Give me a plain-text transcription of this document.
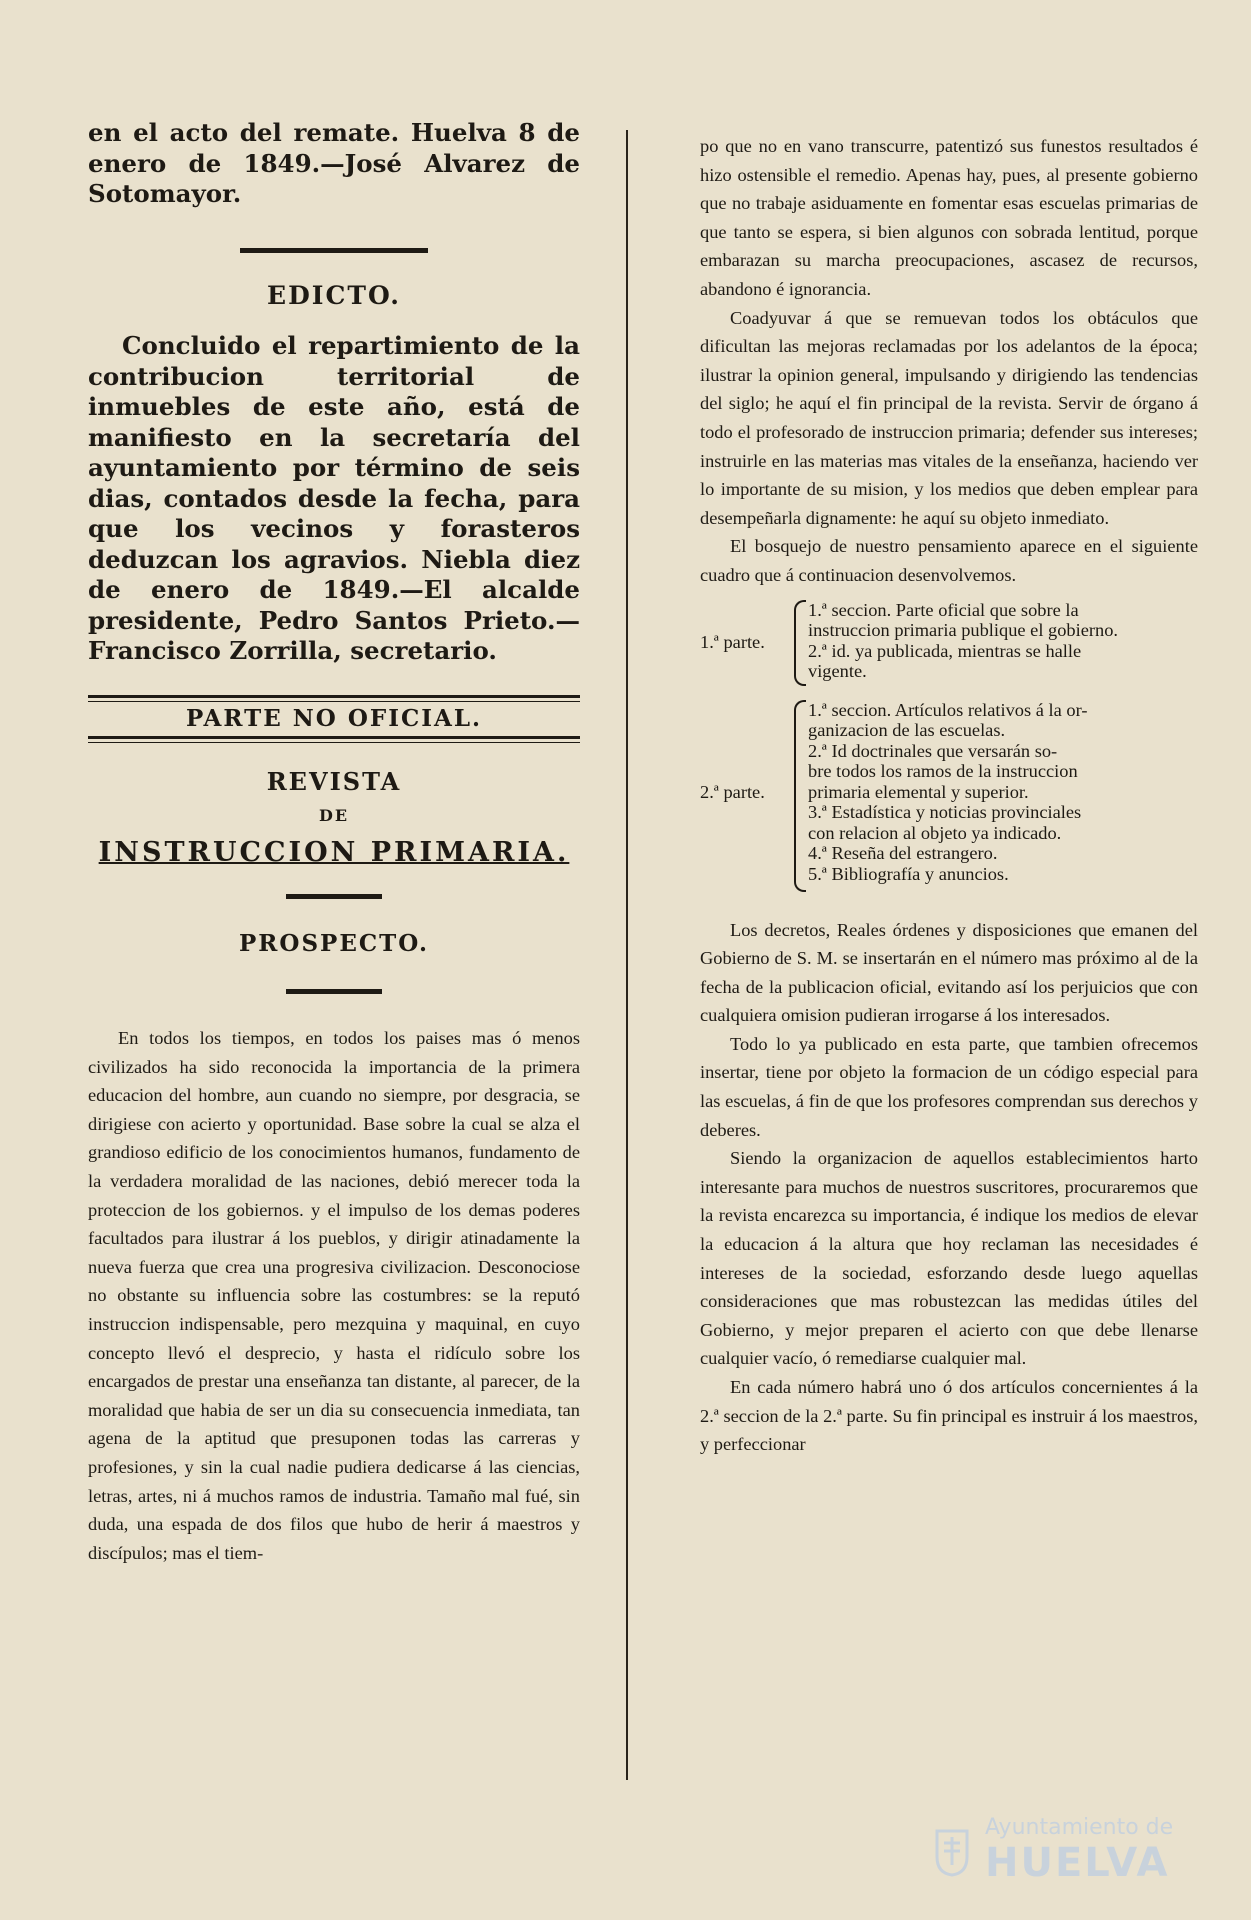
en el acto del remate. Huelva 8 de enero de 1849.—José Alvarez de Sotomayor.

EDICTO.

Concluido el repartimiento de la contribucion territorial de inmuebles de este año, está de manifiesto en la secretaría del ayuntamiento por término de seis dias, contados desde la fecha, para que los vecinos y forasteros deduzcan los agravios. Niebla diez de enero de 1849.—El alcalde presidente, Pedro Santos Prieto.—Francisco Zorrilla, secretario.

PARTE NO OFICIAL.
REVISTA
DE
INSTRUCCION PRIMARIA.
PROSPECTO.

En todos los tiempos, en todos los paises mas ó menos civilizados ha sido reconocida la importancia de la primera educacion del hombre, aun cuando no siempre, por desgracia, se dirigiese con acierto y oportunidad. Base sobre la cual se alza el grandioso edificio de los conocimientos humanos, fundamento de la verdadera moralidad de las naciones, debió merecer toda la proteccion de los gobiernos. y el impulso de los demas poderes facultados para ilustrar á los pueblos, y dirigir atinadamente la nueva fuerza que crea una progresiva civilizacion. Desconociose no obstante su influencia sobre las costumbres: se la reputó instruccion indispensable, pero mezquina y maquinal, en cuyo concepto llevó el desprecio, y hasta el ridículo sobre los encargados de prestar una enseñanza tan distante, al parecer, de la moralidad que habia de ser un dia su consecuencia inmediata, tan agena de la aptitud que presuponen todas las carreras y profesiones, y sin la cual nadie pudiera dedicarse á las ciencias, letras, artes, ni á muchos ramos de industria. Tamaño mal fué, sin duda, una espada de dos filos que hubo de herir á maestros y discípulos; mas el tiem-

po que no en vano transcurre, patentizó sus funestos resultados é hizo ostensible el remedio. Apenas hay, pues, al presente gobierno que no trabaje asiduamente en fomentar esas escuelas primarias de que tanto se espera, si bien algunos con sobrada lentitud, porque embarazan su marcha preocupaciones, ascasez de recursos, abandono é ignorancia.

Coadyuvar á que se remuevan todos los obtáculos que dificultan las mejoras reclamadas por los adelantos de la época; ilustrar la opinion general, impulsando y dirigiendo las tendencias del siglo; he aquí el fin principal de la revista. Servir de órgano á todo el profesorado de instruccion primaria; defender sus intereses; instruirle en las materias mas vitales de la enseñanza, haciendo ver lo importante de su mision, y los medios que deben emplear para desempeñarla dignamente: he aquí su objeto inmediato.

El bosquejo de nuestro pensamiento aparece en el siguiente cuadro que á continuacion desenvolvemos.

1.ª parte.
1.ª seccion. Parte oficial que sobre la
instruccion primaria publique el gobierno.
2.ª id. ya publicada, mientras se halle
vigente.
2.ª parte.
1.ª seccion. Artículos relativos á la or-
ganizacion de las escuelas.
2.ª Id doctrinales que versarán so-
bre todos los ramos de la instruccion
primaria elemental y superior.
3.ª Estadística y noticias provinciales
con relacion al objeto ya indicado.
4.ª Reseña del estrangero.
5.ª Bibliografía y anuncios.

Los decretos, Reales órdenes y disposiciones que emanen del Gobierno de S. M. se insertarán en el número mas próximo al de la fecha de la publicacion oficial, evitando así los perjuicios que con cualquiera omision pudieran irrogarse á los interesados.

Todo lo ya publicado en esta parte, que tambien ofrecemos insertar, tiene por objeto la formacion de un código especial para las escuelas, á fin de que los profesores comprendan sus derechos y deberes.

Siendo la organizacion de aquellos establecimientos harto interesante para muchos de nuestros suscritores, procuraremos que la revista encarezca su importancia, é indique los medios de elevar la educacion á la altura que hoy reclaman las necesidades é intereses de la sociedad, esforzando desde luego aquellas consideraciones que mas robustezcan las medidas útiles del Gobierno, y mejor preparen el acierto con que debe llenarse cualquier vacío, ó remediarse cualquier mal.

En cada número habrá uno ó dos artículos concernientes á la 2.ª seccion de la 2.ª parte. Su fin principal es instruir á los maestros, y perfeccionar

Ayuntamiento de
HUELVA
